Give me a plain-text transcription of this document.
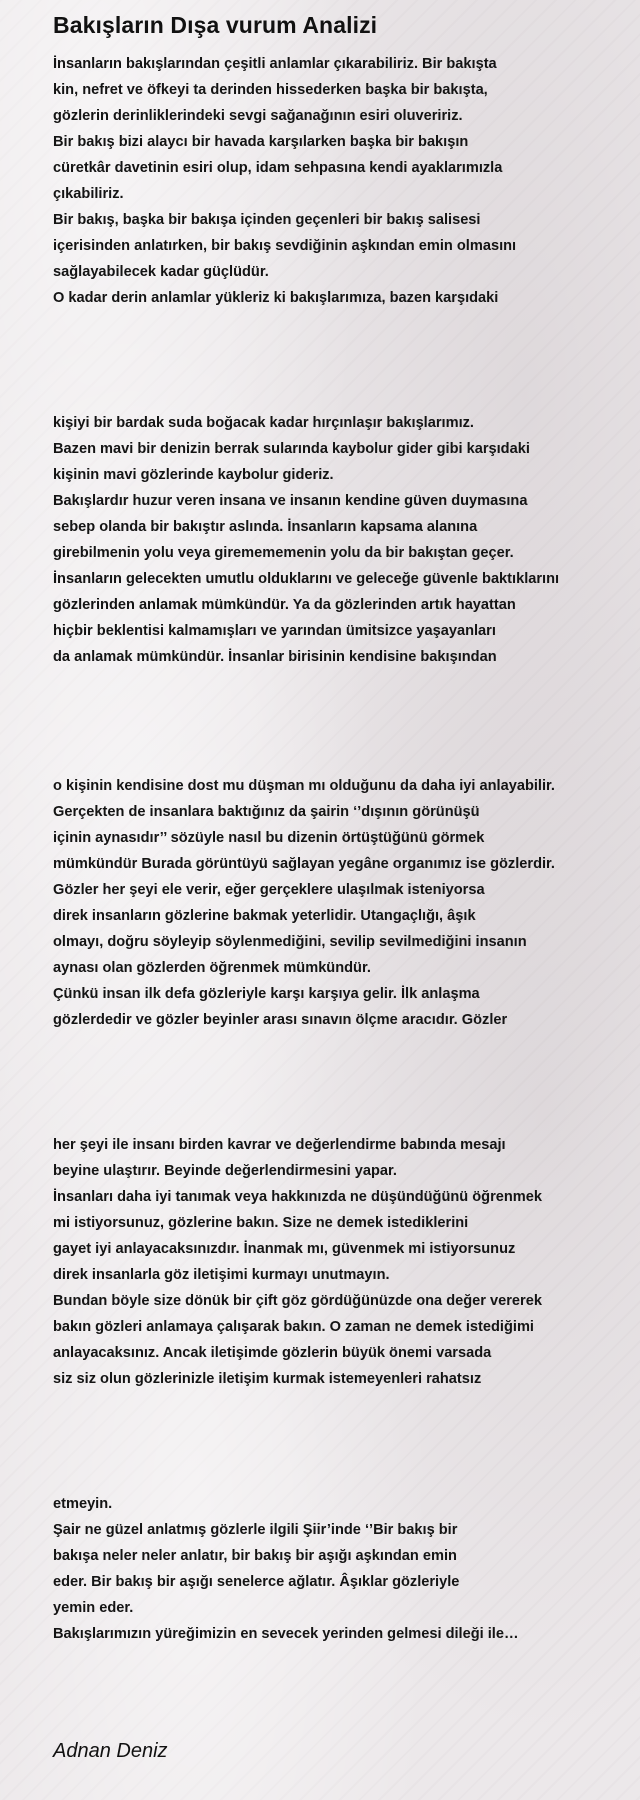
Bakışların Dışa vurum Analizi
İnsanların bakışlarından çeşitli anlamlar çıkarabiliriz. Bir bakışta
kin, nefret ve öfkeyi ta derinden hissederken başka bir bakışta,
gözlerin derinliklerindeki sevgi sağanağının esiri oluveririz.
Bir bakış bizi alaycı bir havada karşılarken başka bir bakışın
cüretkâr davetinin esiri olup, idam sehpasına kendi ayaklarımızla
çıkabiliriz.
Bir bakış, başka bir bakışa içinden geçenleri bir bakış salisesi
içerisinden anlatırken, bir bakış sevdiğinin aşkından emin olmasını
sağlayabilecek kadar güçlüdür.
O kadar derin anlamlar yükleriz ki bakışlarımıza, bazen karşıdaki
kişiyi bir bardak suda boğacak kadar hırçınlaşır bakışlarımız.
Bazen mavi bir denizin berrak sularında kaybolur gider gibi karşıdaki
kişinin mavi gözlerinde kaybolur gideriz.
Bakışlardır huzur veren insana ve insanın kendine güven duymasına
sebep olanda bir bakıştır aslında. İnsanların kapsama alanına
girebilmenin yolu veya giremememenin yolu da bir bakıştan geçer.
İnsanların gelecekten umutlu olduklarını ve geleceğe güvenle baktıklarını
gözlerinden anlamak mümkündür. Ya da gözlerinden artık hayattan
hiçbir beklentisi kalmamışları ve yarından ümitsizce yaşayanları
da anlamak mümkündür. İnsanlar birisinin kendisine bakışından
o kişinin kendisine dost mu düşman mı olduğunu da daha iyi anlayabilir.
Gerçekten de insanlara baktığınız da şairin ‘’dışının görünüşü
içinin aynasıdır’’ sözüyle nasıl bu dizenin örtüştüğünü görmek
mümkündür Burada görüntüyü sağlayan yegâne organımız ise gözlerdir.
Gözler her şeyi ele verir, eğer gerçeklere ulaşılmak isteniyorsa
direk insanların gözlerine bakmak yeterlidir. Utangaçlığı, âşık
olmayı, doğru söyleyip söylenmediğini, sevilip sevilmediğini insanın
aynası olan gözlerden öğrenmek mümkündür.
Çünkü insan ilk defa gözleriyle karşı karşıya gelir. İlk anlaşma
gözlerdedir ve gözler beyinler arası sınavın ölçme aracıdır. Gözler
her şeyi ile insanı birden kavrar ve değerlendirme babında mesajı
beyine ulaştırır. Beyinde değerlendirmesini yapar.
İnsanları daha iyi tanımak veya hakkınızda ne düşündüğünü öğrenmek
mi istiyorsunuz, gözlerine bakın. Size ne demek istediklerini
gayet iyi anlayacaksınızdır. İnanmak mı, güvenmek mi istiyorsunuz
direk insanlarla göz iletişimi kurmayı unutmayın.
Bundan böyle size dönük bir çift göz gördüğünüzde ona değer vererek
bakın gözleri anlamaya çalışarak bakın. O zaman ne demek istediğimi
anlayacaksınız. Ancak iletişimde gözlerin büyük önemi varsada
siz siz olun gözlerinizle iletişim kurmak istemeyenleri rahatsız
etmeyin.
Şair ne güzel anlatmış gözlerle ilgili Şiir’inde ‘’Bir bakış bir
bakışa neler neler anlatır, bir bakış bir aşığı aşkından emin
eder. Bir bakış bir aşığı senelerce ağlatır. Âşıklar gözleriyle
yemin eder.
Bakışlarımızın yüreğimizin en sevecek yerinden gelmesi dileği ile…
Adnan Deniz
